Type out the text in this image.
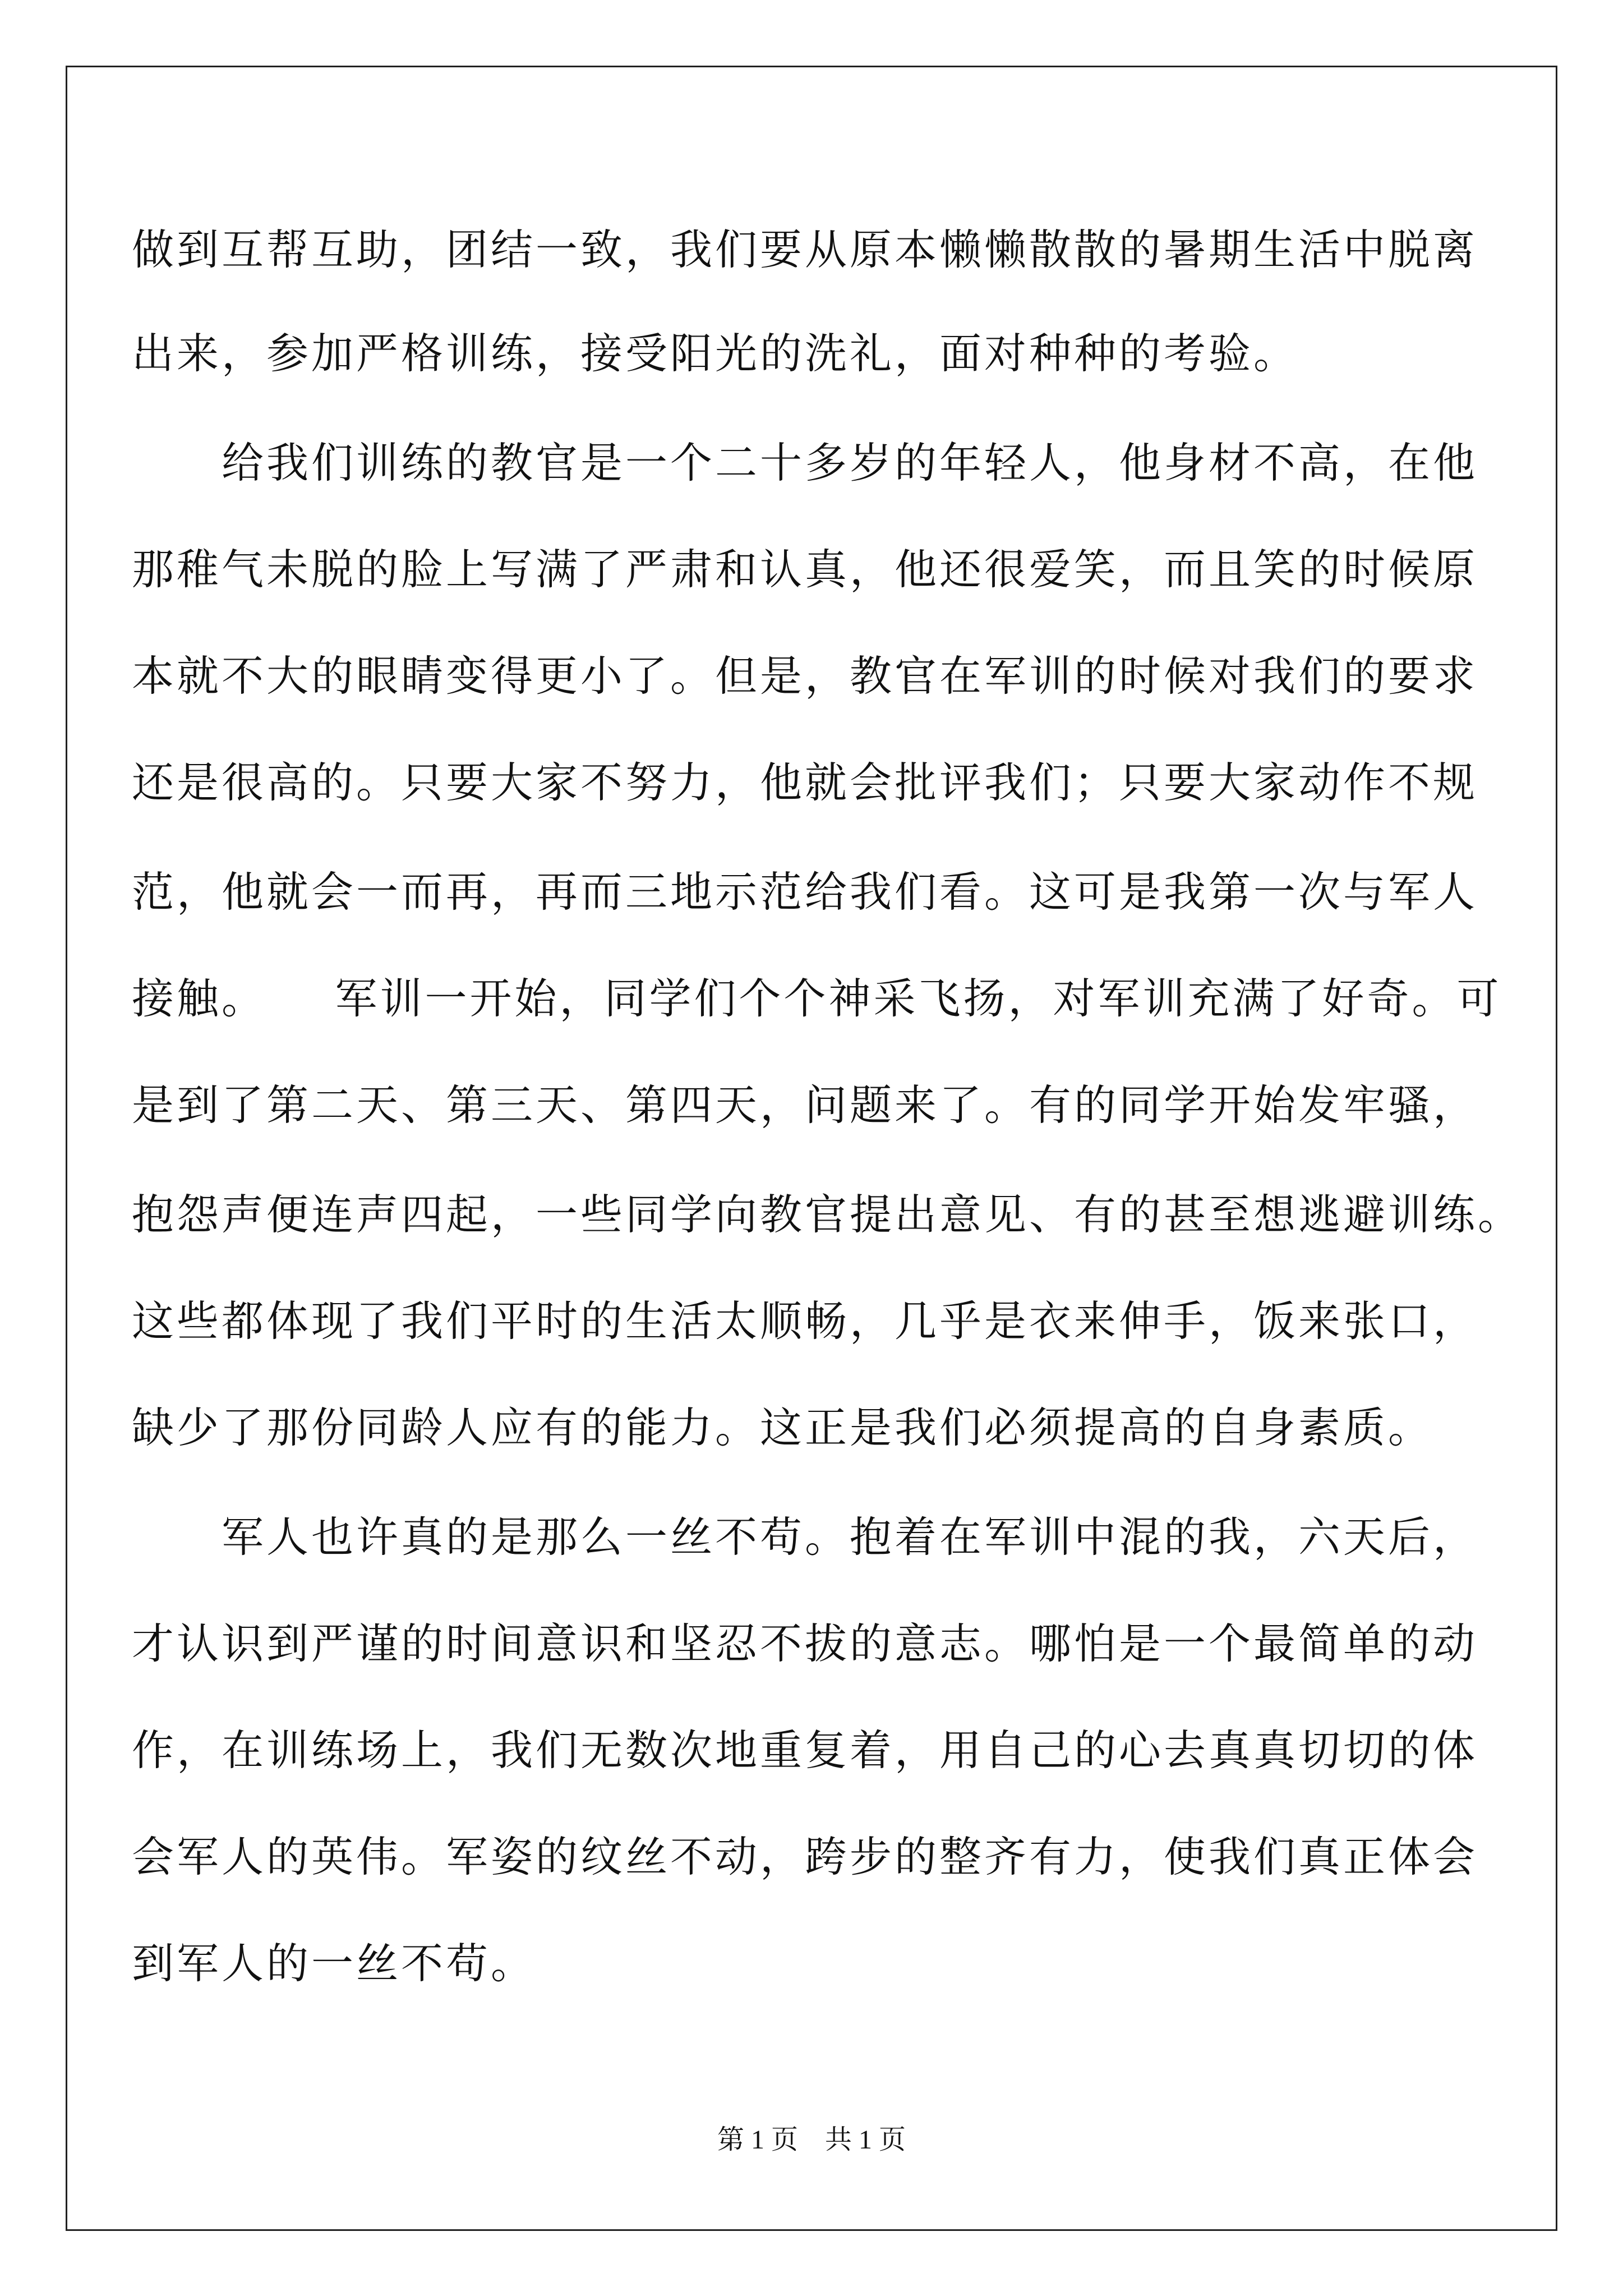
做到互帮互助，团结一致，我们要从原本懒懒散散的暑期生活中脱离
出来，参加严格训练，接受阳光的洗礼，面对种种的考验。
　　给我们训练的教官是一个二十多岁的年轻人，他身材不高，在他
那稚气未脱的脸上写满了严肃和认真，他还很爱笑，而且笑的时候原
本就不大的眼睛变得更小了。但是，教官在军训的时候对我们的要求
还是很高的。只要大家不努力，他就会批评我们；只要大家动作不规
范，他就会一而再，再而三地示范给我们看。这可是我第一次与军人
接触。　　军训一开始，同学们个个神采飞扬，对军训充满了好奇。可
是到了第二天、第三天、第四天，问题来了。有的同学开始发牢骚，
抱怨声便连声四起，一些同学向教官提出意见、有的甚至想逃避训练。
这些都体现了我们平时的生活太顺畅，几乎是衣来伸手，饭来张口，
缺少了那份同龄人应有的能力。这正是我们必须提高的自身素质。
　　军人也许真的是那么一丝不苟。抱着在军训中混的我，六天后，
才认识到严谨的时间意识和坚忍不拔的意志。哪怕是一个最简单的动
作，在训练场上，我们无数次地重复着，用自己的心去真真切切的体
会军人的英伟。军姿的纹丝不动，跨步的整齐有力，使我们真正体会
到军人的一丝不苟。
第 1 页　共 1 页
